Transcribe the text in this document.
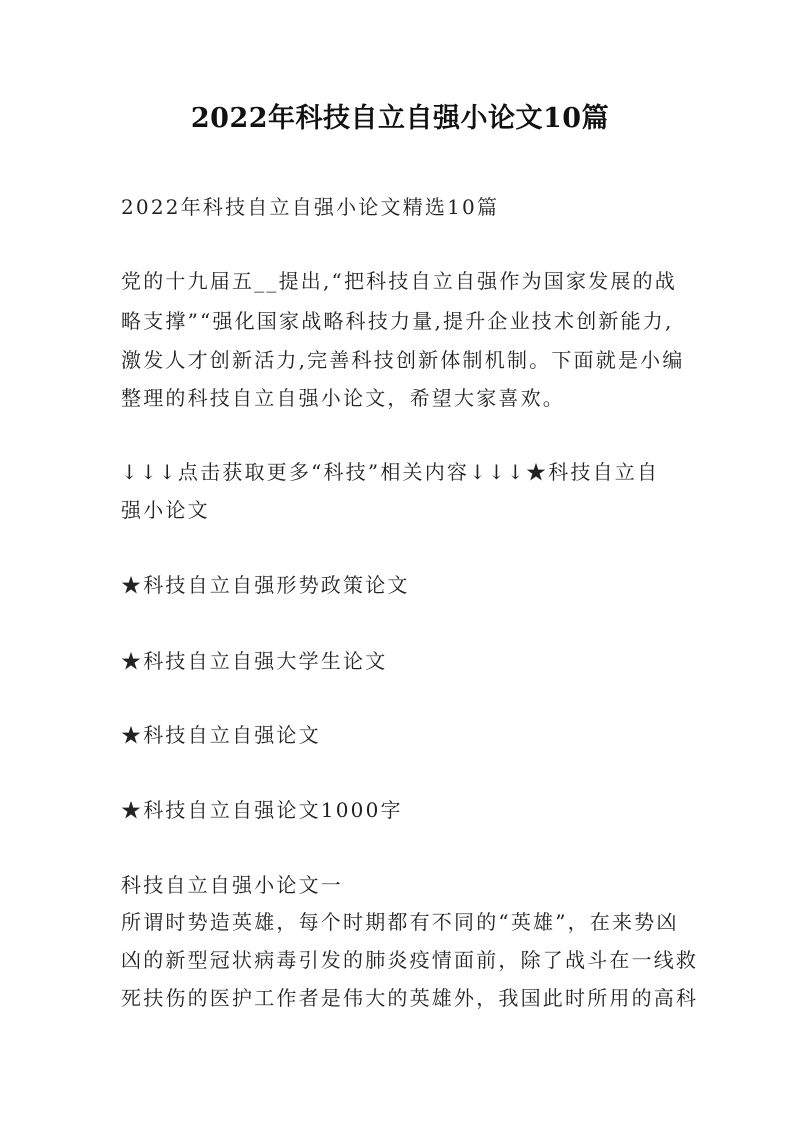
2022年科技自立自强小论文10篇
2022年科技自立自强小论文精选10篇
党的十九届五__提出,“把科技自立自强作为国家发展的战
略支撑”“强化国家战略科技力量,提升企业技术创新能力,
激发人才创新活力,完善科技创新体制机制。下面就是小编
整理的科技自立自强小论文，希望大家喜欢。
↓↓↓点击获取更多“科技”相关内容↓↓↓★科技自立自
强小论文
★科技自立自强形势政策论文
★科技自立自强大学生论文
★科技自立自强论文
★科技自立自强论文1000字
科技自立自强小论文一
所谓时势造英雄，每个时期都有不同的“英雄”，在来势凶
凶的新型冠状病毒引发的肺炎疫情面前，除了战斗在一线救
死扶伤的医护工作者是伟大的英雄外，我国此时所用的高科
